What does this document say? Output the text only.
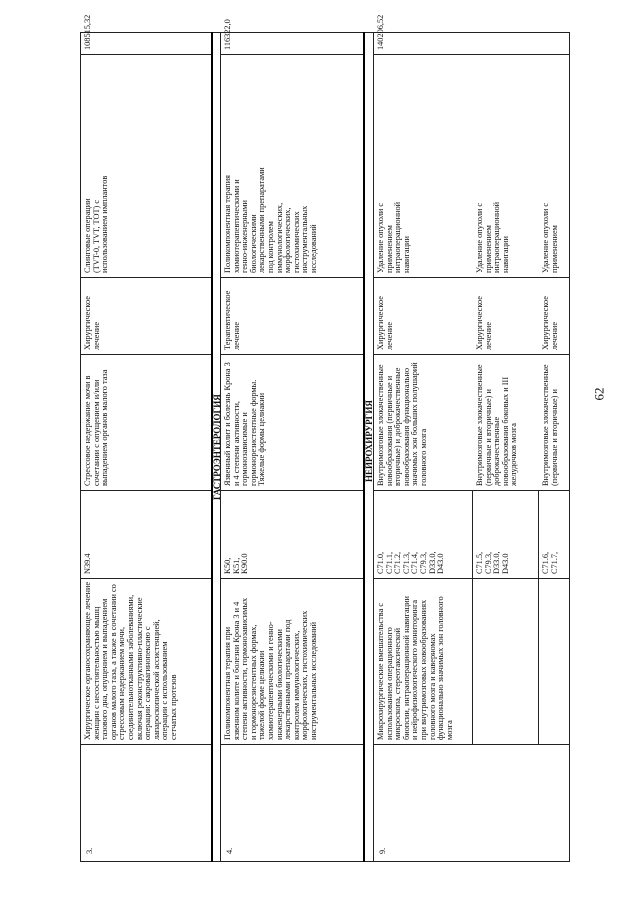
62
3.
Хирургическое органосохраняющее лечение
женщин с несостоятельностью мышц
тазового дна, опущением и выпадением
органов малого таза, а также в сочетании со
стрессовым недержанием мочи,
соединительнотканными заболеваниями,
включая реконструктивно-пластические
операции: сакровагинопексию с
лапароскопической ассистенцией,
операции с использованием
сетчатых протезов
N39.4
Стрессовое недержание мочи в
сочетании с опущением и/или
выпадением органов малого таза
Хирургическое
лечение
Слинговые операции
(TVT-0, TVT, TOT) с
использованием имплантов
108515,32
ГАСТРОЭНТЕРОЛОГИЯ
4.
Поликомпонентная терапия при
язвенном колите и болезни Крона 3 и 4
степени активности, гормонозависимых
и гормонорезистентных формах,
тяжелой форме целиакии
химиотерапевтическими и генно-
инженерными биологическими
лекарственными препаратами под
контролем иммунологических,
морфологических, гистохимических
инструментальных исследований
K50,
K51,
K90.0
Язвенный колит и болезнь Крона 3
и 4 степени активности,
гормонозависимые и
гормонорезистентные формы.
Тяжелые формы целиакии
Терапевтическое
лечение
Поликомпонентная терапия
химиотерапевтическими и
генно-инженерными
биологическими
лекарственными препаратами
под контролем
иммунологических,
морфологических,
гистохимических
инструментальных
исследований
116322,0
НЕЙРОХИРУРГИЯ
9.
Микрохирургические вмешательства с
использованием операционного
микроскопа, стереотаксической
биопсии, интраоперационной навигации
и нейрофизиологического мониторинга
при внутримозговых новообразованиях
головного мозга и каверномах
функционально значимых зон головного
мозга
140206,52
C71.0,
C71.1,
C71.2,
C71.3,
C71.4,
C79.3,
D33.0,
D43.0
Внутримозговые злокачественные
новообразования (первичные и
вторичные) и доброкачественные
новообразования функционально
значимых зон больших полушарий
головного мозга
Хирургическое
лечение
Удаление опухоли с
применением
интраоперационной
навигации
C71.5,
C79.3,
D33.0,
D43.0
Внутримозговые злокачественные
(первичные и вторичные) и
доброкачественные
новообразования боковых и III
желудочков мозга
Хирургическое
лечение
Удаление опухоли с
применением
интраоперационной
навигации
C71.6,
C71.7,
Внутримозговые злокачественные
(первичные и вторичные) и
Хирургическое
лечение
Удаление опухоли с
применением
